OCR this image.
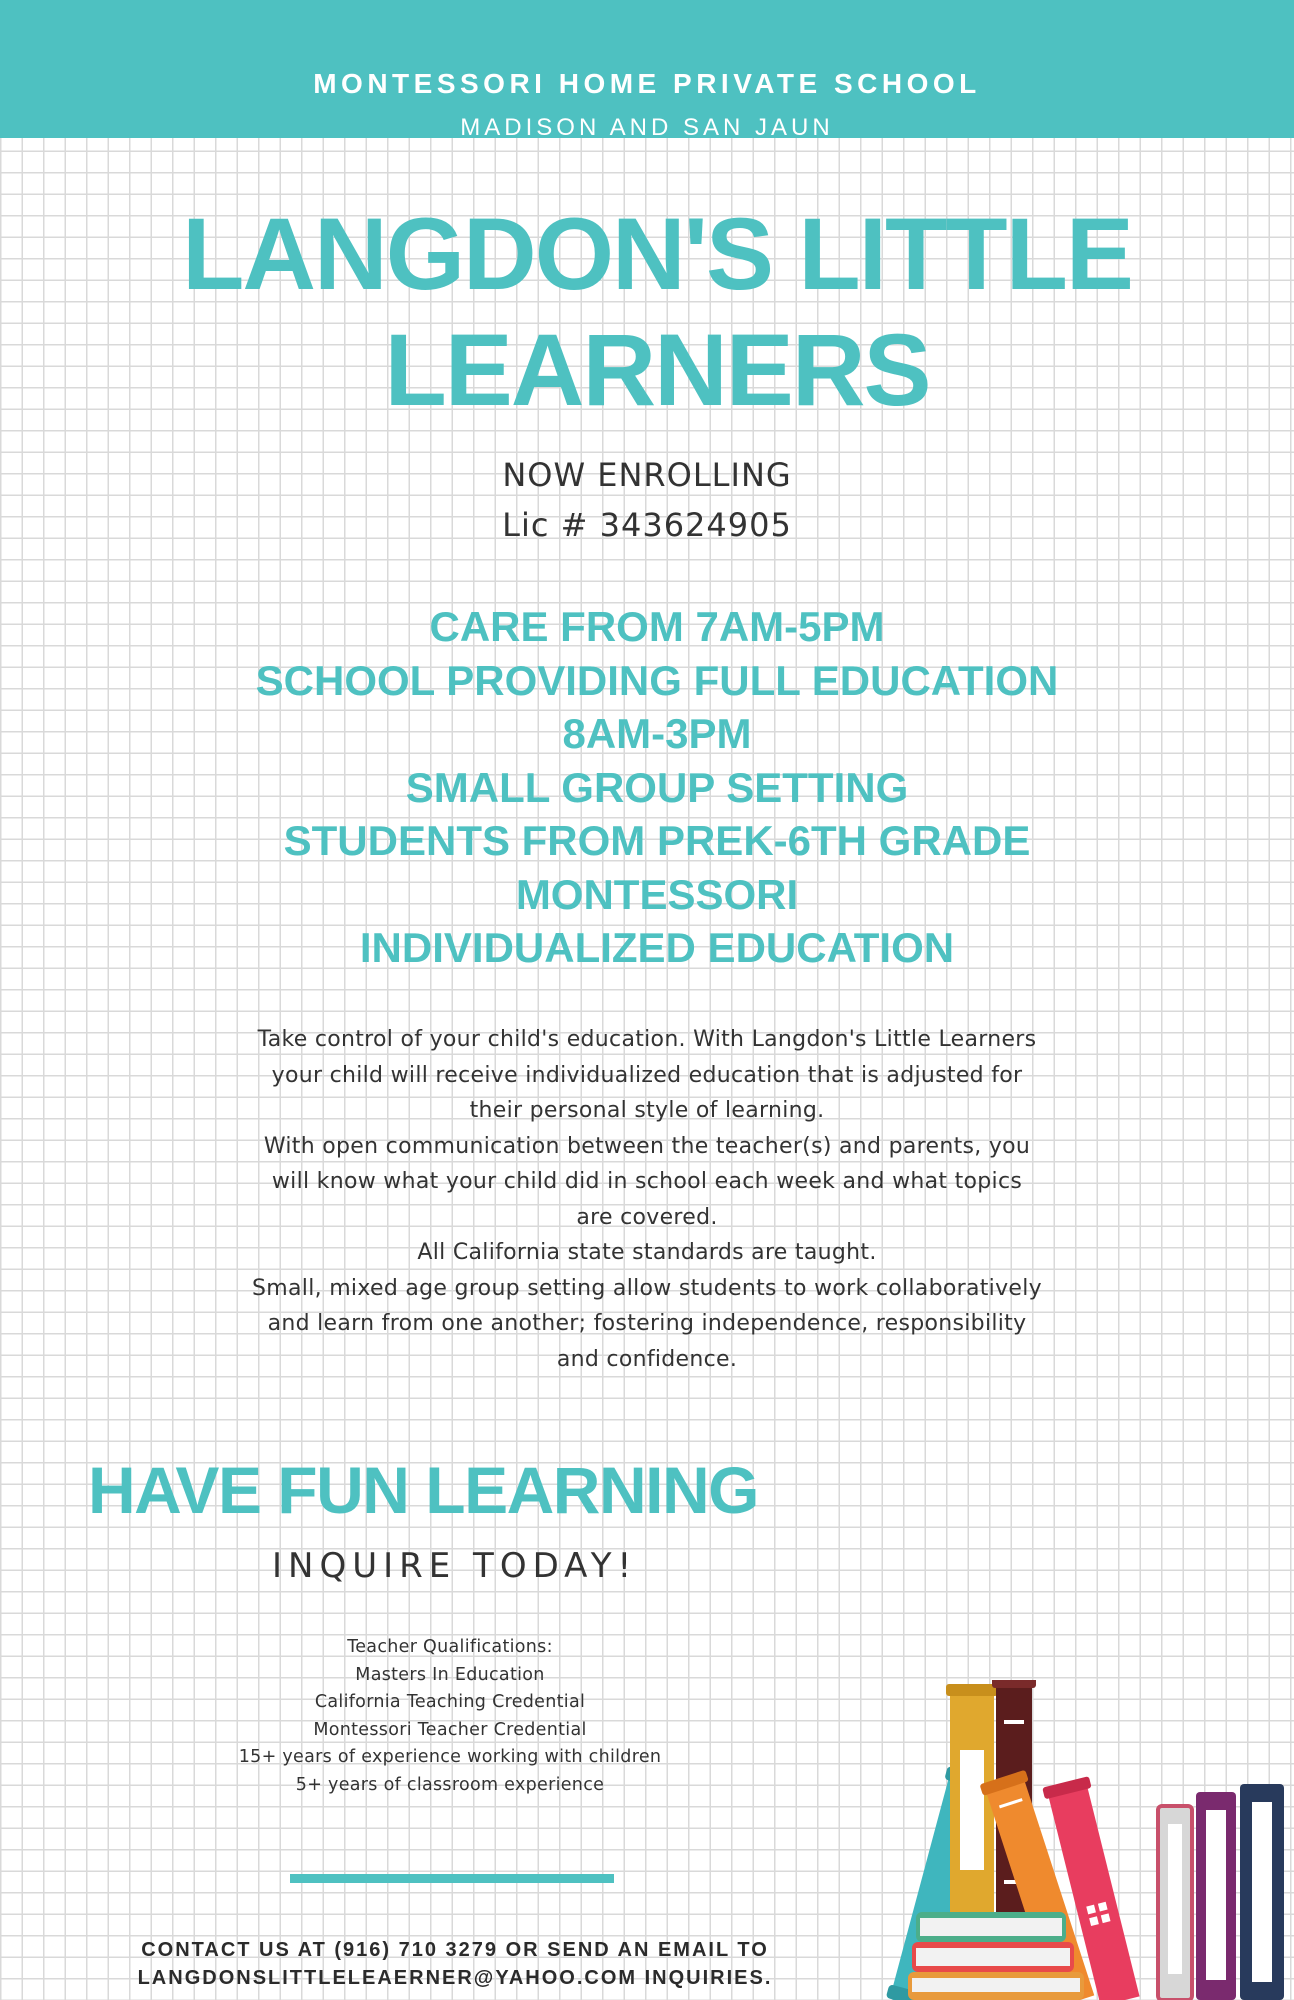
MONTESSORI HOME PRIVATE SCHOOL
MADISON AND SAN JAUN
LANGDON'S LITTLE
LEARNERS
NOW ENROLLING
Lic # 343624905
CARE FROM 7AM-5PM
SCHOOL PROVIDING FULL EDUCATION
8AM-3PM
SMALL GROUP SETTING
STUDENTS FROM PREK-6TH GRADE
MONTESSORI
INDIVIDUALIZED EDUCATION
Take control of your child's education. With Langdon's Little Learners
your child will receive individualized education that is adjusted for
their personal style of learning.
With open communication between the teacher(s) and parents, you
will know what your child did in school each week and what topics
are covered.
All California state standards are taught.
Small, mixed age group setting allow students to work collaboratively
and learn from one another; fostering independence, responsibility
and confidence.
HAVE FUN LEARNING
INQUIRE TODAY!
Teacher Qualifications:
Masters In Education
California Teaching Credential
Montessori Teacher Credential
15+ years of experience working with children
5+ years of classroom experience
CONTACT US AT (916) 710 3279 OR SEND AN EMAIL TO
LANGDONSLITTLELEAERNER@YAHOO.COM INQUIRIES.
